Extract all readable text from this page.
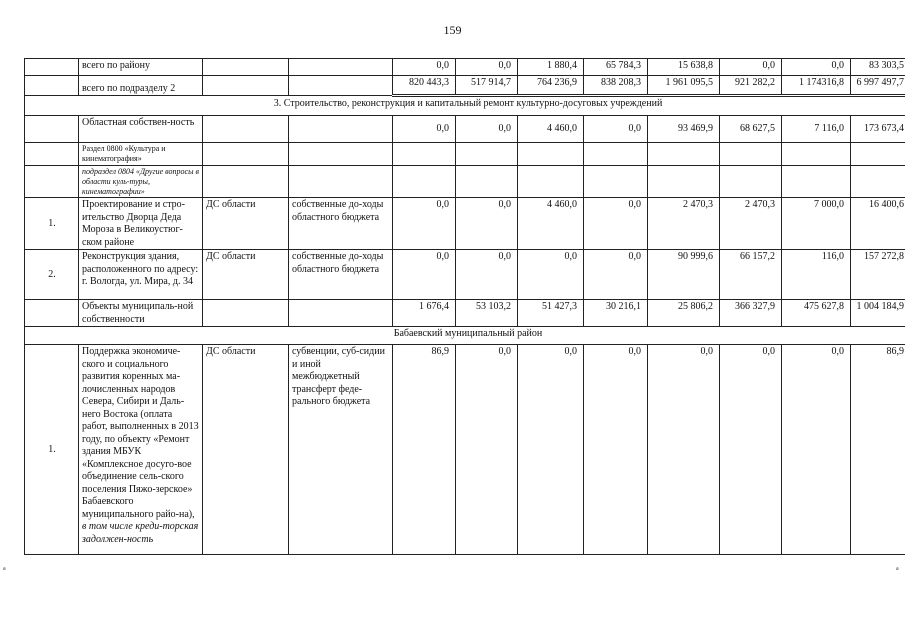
159
	всего по району			0,0	0,0	1 880,4	65 784,3	15 638,8	0,0	0,0	83 303,5
	всего по подразделу 2			820 443,3	517 914,7	764 236,9	838 208,3	1 961 095,5	921 282,2	1 174316,8	6 997 497,7
3. Строительство, реконструкция и капитальный ремонт культурно-досуговых учреждений											
	Областная собствен-ность			0,0	0,0	4 460,0	0,0	93 469,9	68 627,5	7 116,0	173 673,4
	Раздел 0800 «Культура и кинематография»										
	подраздел 0804 «Другие вопросы в области куль-туры, кинематографии»										
1.	Проектирование и стро-ительство Дворца Деда Мороза в Великоустюг-ском районе	ДС области	собственные до-ходы областного бюджета	0,0	0,0	4 460,0	0,0	2 470,3	2 470,3	7 000,0	16 400,6
2.	Реконструкция здания, расположенного по адресу: г. Вологда, ул. Мира, д. 34	ДС области	собственные до-ходы областного бюджета	0,0	0,0	0,0	0,0	90 999,6	66 157,2	116,0	157 272,8
	Объекты муниципаль-ной собственности			1 676,4	53 103,2	51 427,3	30 216,1	25 806,2	366 327,9	475 627,8	1 004 184,9
Бабаевский муниципальный район											
1.	Поддержка экономиче-ского и социального развития коренных ма-лочисленных народов Севера, Сибири и Даль-него Востока (оплата работ, выполненных в 2013 году, по объекту «Ремонт здания МБУК «Комплексное досуго-вое объединение сель-ского поселения Пяжо-зерское» Бабаевского муниципального райо-на), в том числе креди-торская задолжен-ность	ДС области	субвенции, суб-сидии и иной межбюджетный трансферт феде-рального бюджета	86,9	0,0	0,0	0,0	0,0	0,0	0,0	86,9
a	a
